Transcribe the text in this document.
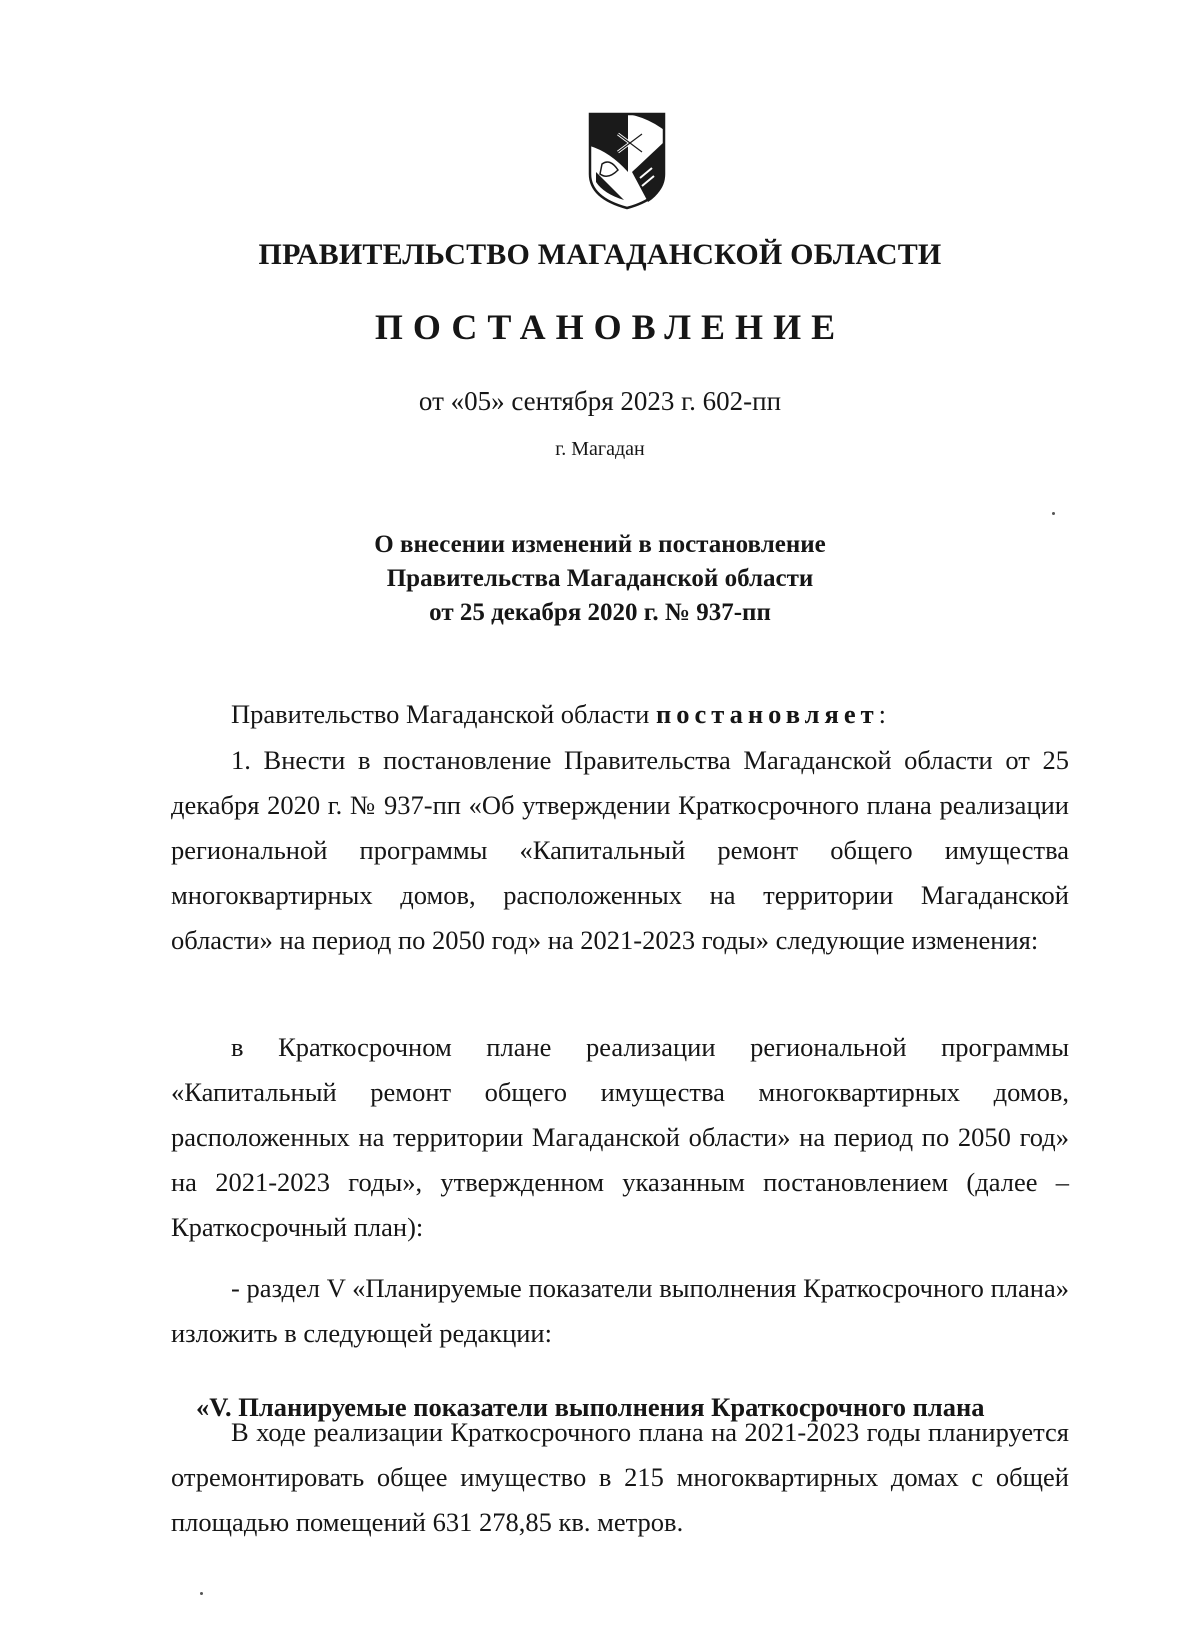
ПРАВИТЕЛЬСТВО МАГАДАНСКОЙ ОБЛАСТИ
ПОСТАНОВЛЕНИЕ
от «05» сентября 2023 г. 602-пп
г. Магадан
О внесении изменений в постановление
Правительства Магаданской области
от 25 декабря 2020 г. № 937-пп

Правительство Магаданской области постановляет:

1. Внести в постановление Правительства Магаданской области от 25 декабря 2020 г. № 937-пп «Об утверждении Краткосрочного плана реализации региональной программы «Капитальный ремонт общего имущества многоквартирных домов, расположенных на территории Магаданской области» на период по 2050 год» на 2021-2023 годы» следующие изменения:

в Краткосрочном плане реализации региональной программы «Капитальный ремонт общего имущества многоквартирных домов, расположенных на территории Магаданской области» на период по 2050 год» на 2021-2023 годы», утвержденном указанным постановлением (далее – Краткосрочный план):

- раздел V «Планируемые показатели выполнения Краткосрочного плана» изложить в следующей редакции:

«V. Планируемые показатели выполнения Краткосрочного плана

В ходе реализации Краткосрочного плана на 2021-2023 годы планируется отремонтировать общее имущество в 215 многоквартирных домах с общей площадью помещений 631 278,85 кв. метров.
